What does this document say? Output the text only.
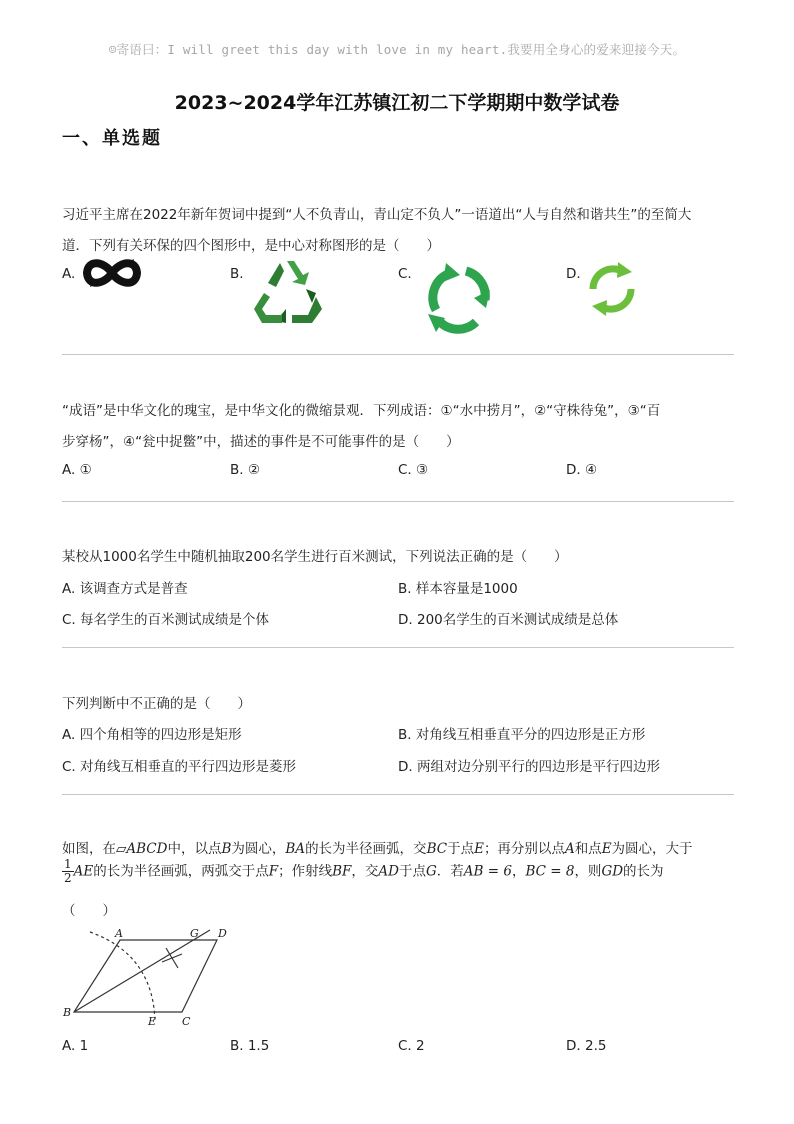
☺寄语曰：I will greet this day with love in my heart.我要用全身心的爱来迎接今天。
2023~2024学年江苏镇江初二下学期期中数学试卷
一、单选题
习近平主席在2022年新年贺词中提到“人不负青山，青山定不负人”一语道出“人与自然和谐共生”的至简大
道．下列有关环保的四个图形中，是中心对称图形的是（　　）
A.	B.	C.	D.
“成语”是中华文化的瑰宝，是中华文化的微缩景观．下列成语：①“水中捞月”，②“守株待兔”，③“百
步穿杨”，④“瓮中捉鳖”中，描述的事件是不可能事件的是（　　）
A. ①	B. ②	C. ③	D. ④
某校从1000名学生中随机抽取200名学生进行百米测试，下列说法正确的是（　　）
A. 该调查方式是普查	B. 样本容量是1000
C. 每名学生的百米测试成绩是个体	D. 200名学生的百米测试成绩是总体
下列判断中不正确的是（　　）
A. 四个角相等的四边形是矩形	B. 对角线互相垂直平分的四边形是正方形
C. 对角线互相垂直的平行四边形是菱形	D. 两组对边分别平行的四边形是平行四边形
如图，在▱ABCD中，以点B为圆心，BA的长为半径画弧，交BC于点E；再分别以点A和点E为圆心，大于
$\frac{1}{2}$ AE的长为半径画弧，两弧交于点F；作射线BF，交AD于点G．若AB = 6，BC = 8，则GD的长为
（　　）
A	G D
B
E C
A. 1	B. 1.5	C. 2	D. 2.5
